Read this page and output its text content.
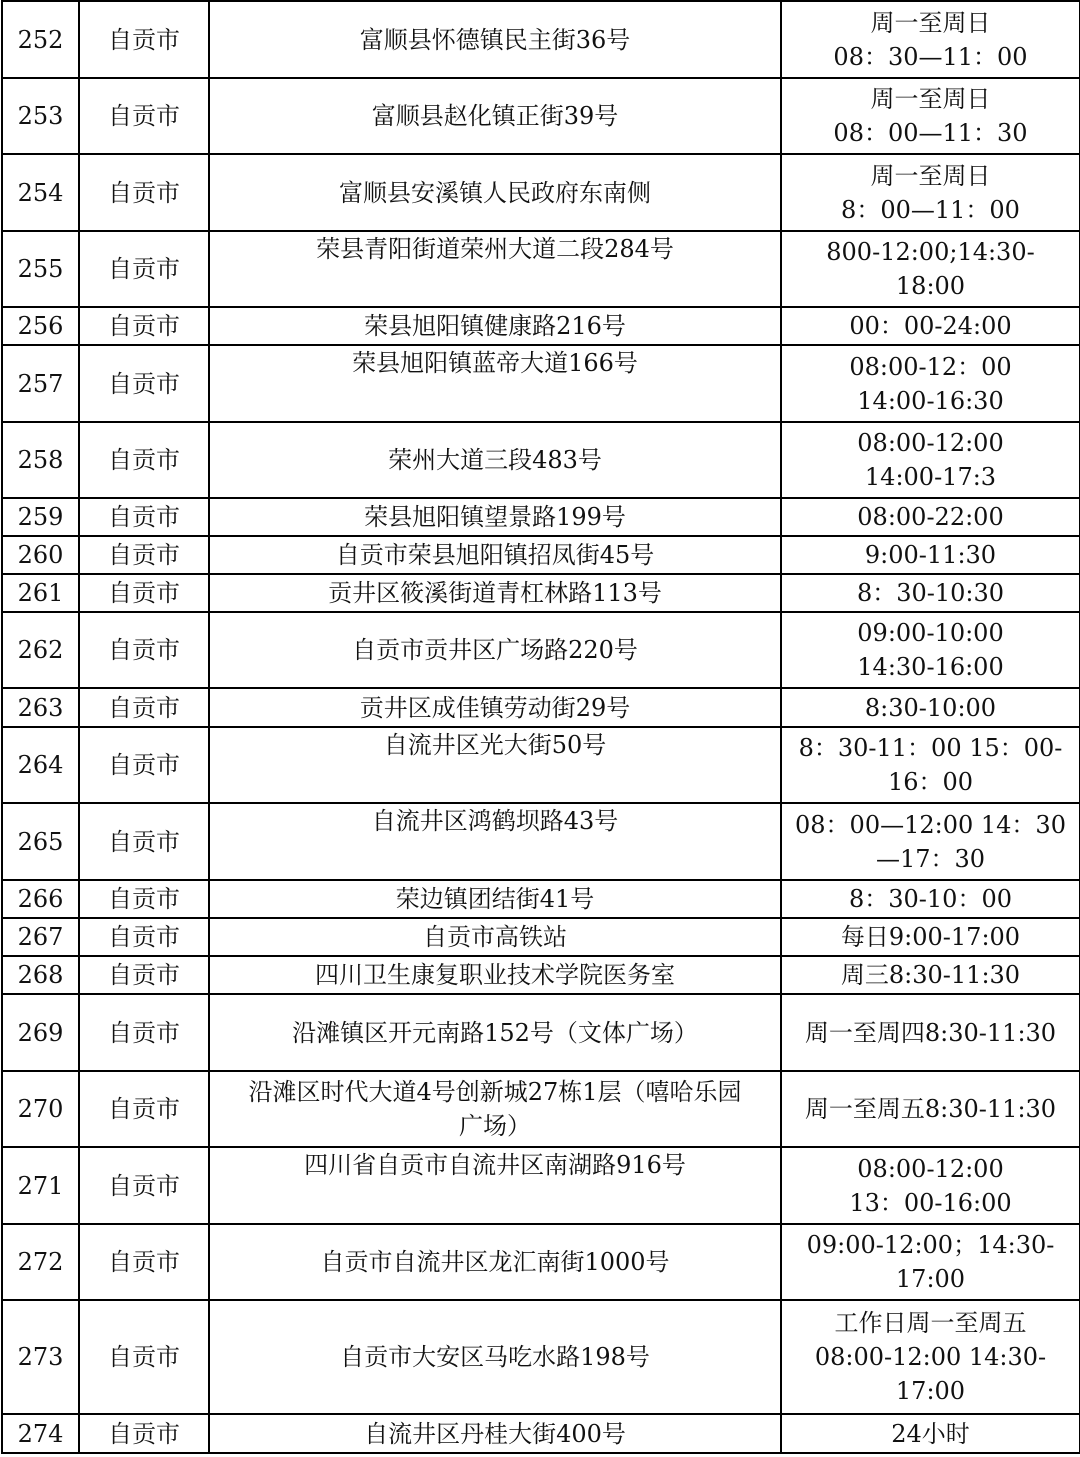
252	自贡市	富顺县怀德镇民主街36号	周一至周日
08：30—11：00

253	自贡市	富顺县赵化镇正街39号	周一至周日
08：00—11：30

254	自贡市	富顺县安溪镇人民政府东南侧	周一至周日
8：00—11：00

255	自贡市	荣县青阳街道荣州大道二段284号	800-12:00;14:30-
18:00

256	自贡市	荣县旭阳镇健康路216号	00：00-24:00

257	自贡市	荣县旭阳镇蓝帝大道166号	08:00-12：00
14:00-16:30

258	自贡市	荣州大道三段483号	08:00-12:00
14:00-17:3

259	自贡市	荣县旭阳镇望景路199号	08:00-22:00

260	自贡市	自贡市荣县旭阳镇招凤街45号	9:00-11:30

261	自贡市	贡井区筱溪街道青杠林路113号	8：30-10:30

262	自贡市	自贡市贡井区广场路220号	09:00-10:00
14:30-16:00

263	自贡市	贡井区成佳镇劳动街29号	8:30-10:00

264	自贡市	自流井区光大街50号	8：30-11：00 15：00-
16：00

265	自贡市	自流井区鸿鹤坝路43号	08：00—12:00 14：30
—17：30

266	自贡市	荣边镇团结街41号	8：30-10：00

267	自贡市	自贡市高铁站	每日9:00-17:00

268	自贡市	四川卫生康复职业技术学院医务室	周三8:30-11:30

269	自贡市	沿滩镇区开元南路152号（文体广场）	周一至周四8:30-11:30

270	自贡市	沿滩区时代大道4号创新城27栋1层（嘻哈乐园
广场）	周一至周五8:30-11:30

271	自贡市	四川省自贡市自流井区南湖路916号	08:00-12:00
13：00-16:00

272	自贡市	自贡市自流井区龙汇南街1000号	09:00-12:00；14:30-
17:00

273	自贡市	自贡市大安区马吃水路198号	工作日周一至周五
08:00-12:00 14:30-
17:00

274	自贡市	自流井区丹桂大街400号	24小时
